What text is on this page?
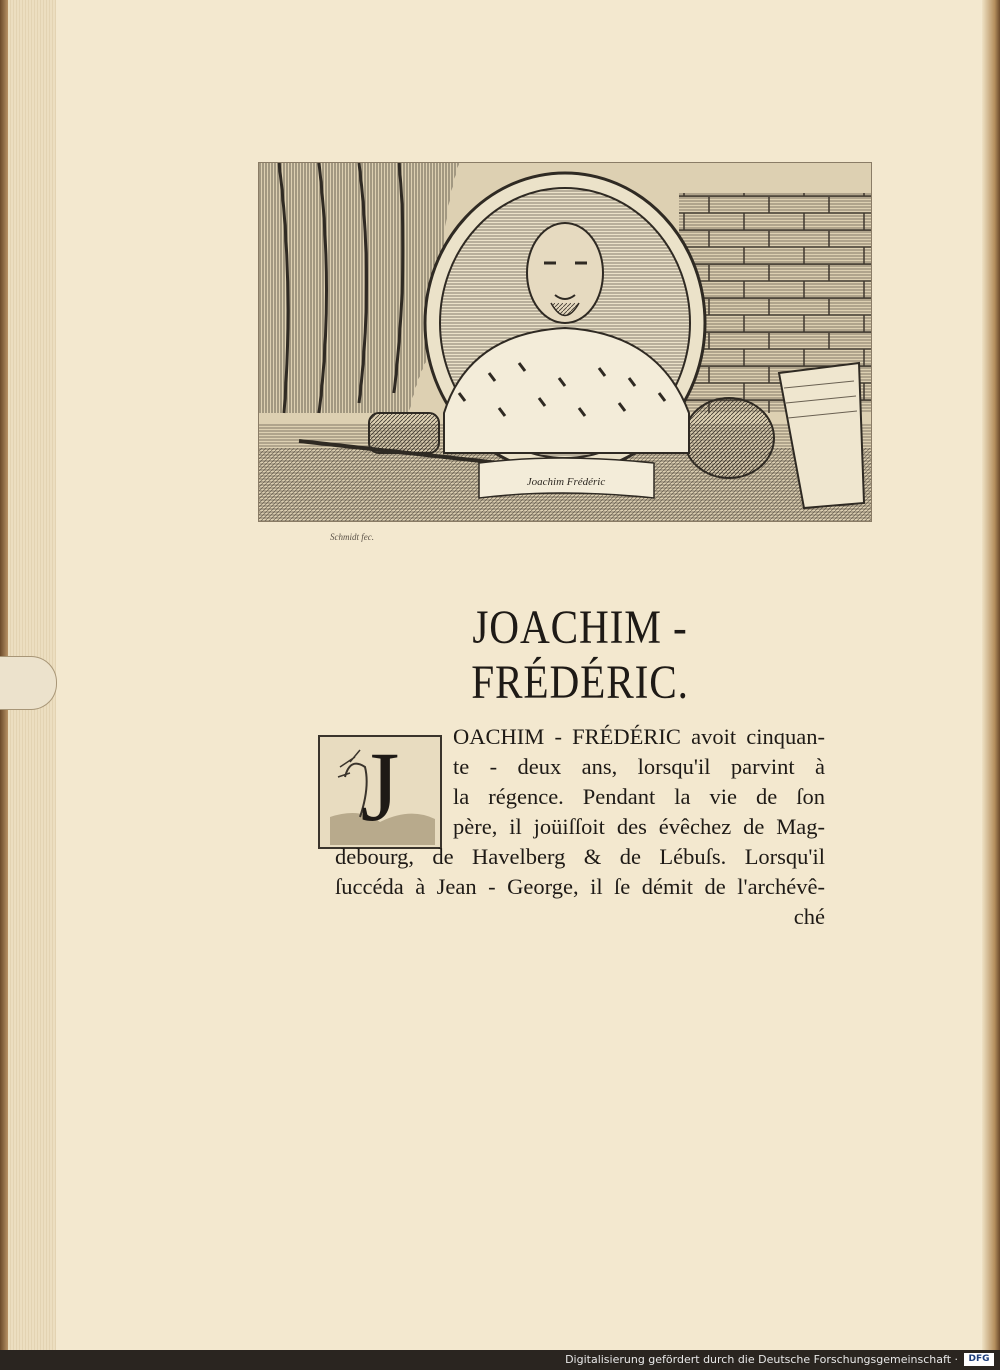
Joachim Frédéric
Schmidt fec.
JOACHIM - FRÉDÉRIC.
J	OACHIM - FRÉDÉRIC avoit cinquan-
te - deux ans, lorsqu'il parvint à
la régence. Pendant la vie de ſon
père, il joüiſſoit des évêchez de Mag-
debourg, de Havelberg & de Lébuſs. Lorsqu'il
ſuccéda à Jean - George, il ſe démit de l'archévê-
ché
Digitalisierung gefördert durch die Deutsche Forschungsgemeinschaft ·	DFG
